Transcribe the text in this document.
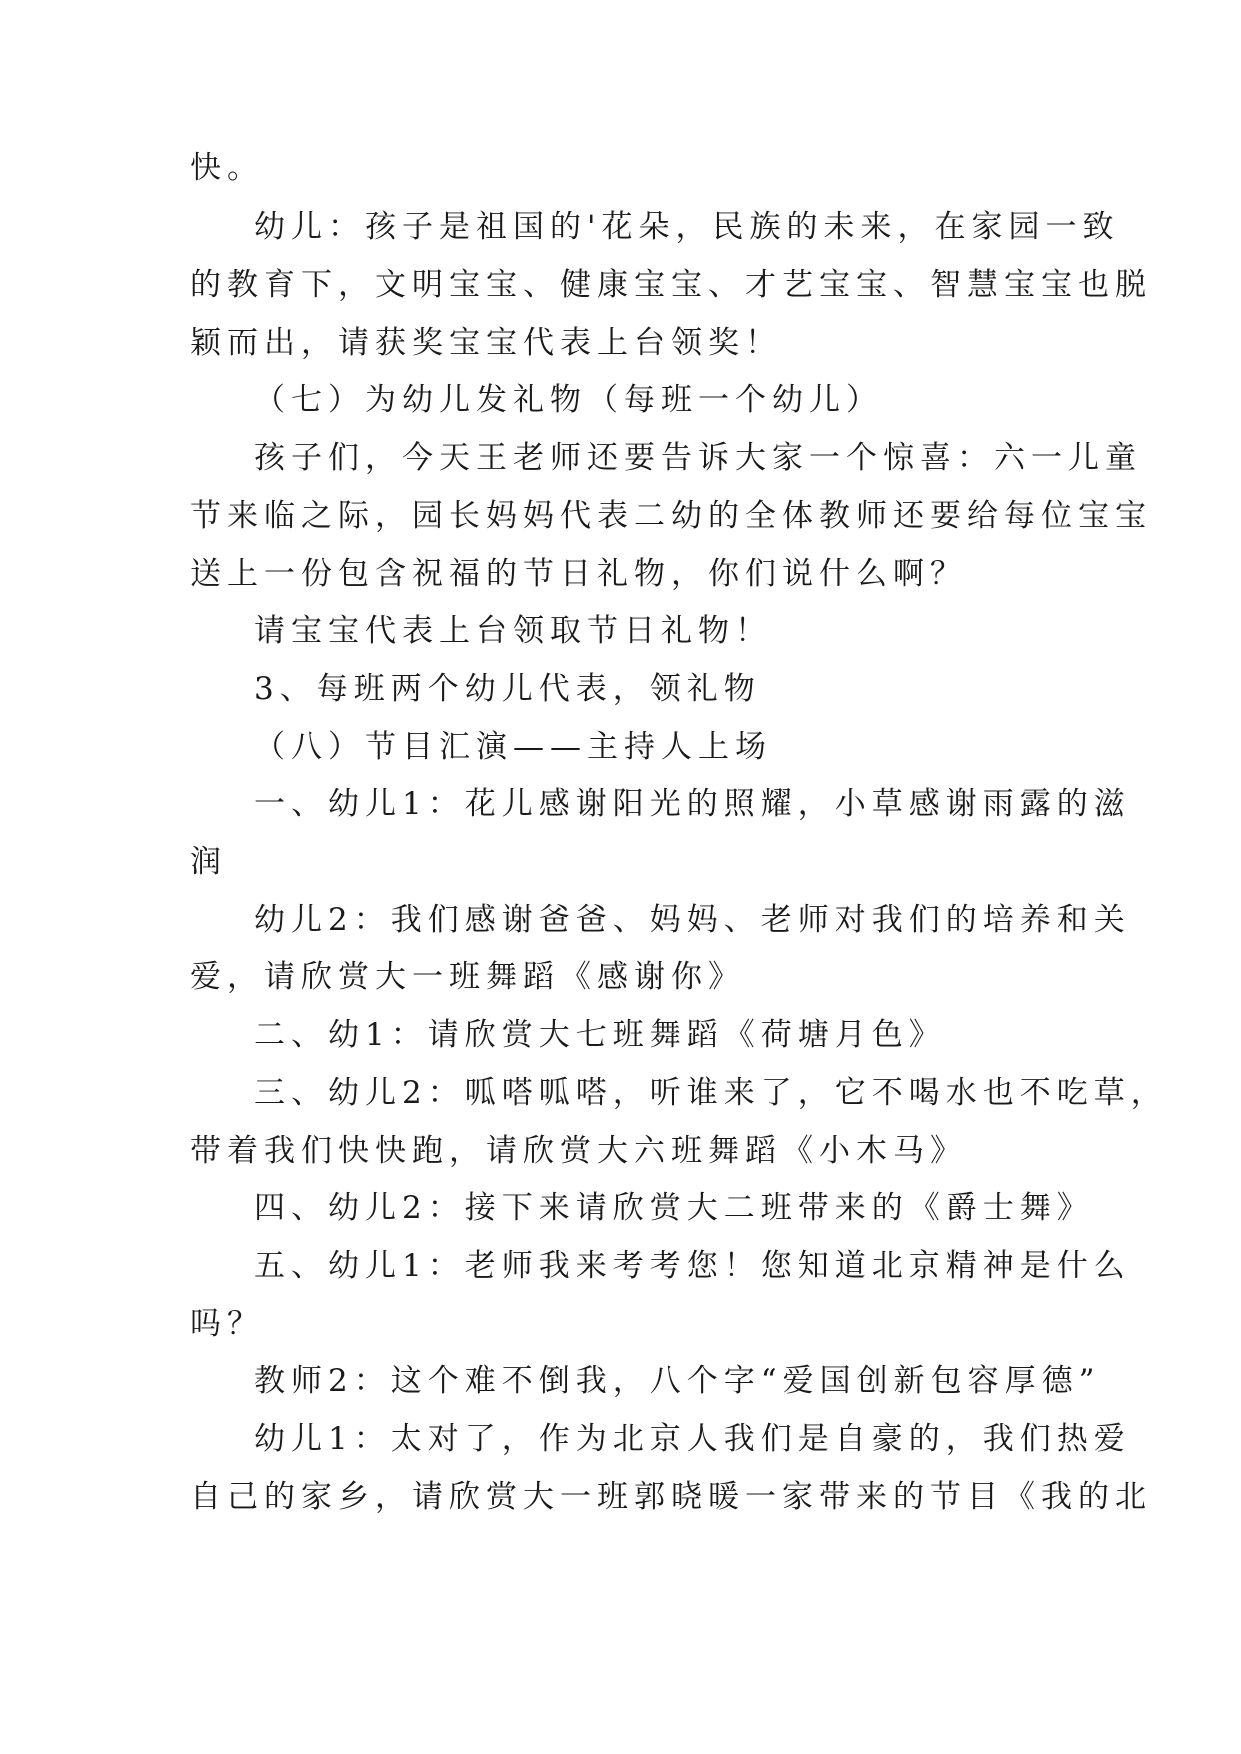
快。
幼儿：孩子是祖国的'花朵，民族的未来，在家园一致
的教育下，文明宝宝、健康宝宝、才艺宝宝、智慧宝宝也脱
颖而出，请获奖宝宝代表上台领奖！
（七）为幼儿发礼物（每班一个幼儿）
孩子们，今天王老师还要告诉大家一个惊喜：六一儿童
节来临之际，园长妈妈代表二幼的全体教师还要给每位宝宝
送上一份包含祝福的节日礼物，你们说什么啊？
请宝宝代表上台领取节日礼物！
3、每班两个幼儿代表，领礼物
（八）节目汇演——主持人上场
一、幼儿1：花儿感谢阳光的照耀，小草感谢雨露的滋
润
幼儿2：我们感谢爸爸、妈妈、老师对我们的培养和关
爱，请欣赏大一班舞蹈《感谢你》
二、幼1：请欣赏大七班舞蹈《荷塘月色》
三、幼儿2：呱嗒呱嗒，听谁来了，它不喝水也不吃草，
带着我们快快跑，请欣赏大六班舞蹈《小木马》
四、幼儿2：接下来请欣赏大二班带来的《爵士舞》
五、幼儿1：老师我来考考您！您知道北京精神是什么
吗？
教师2：这个难不倒我，八个字“爱国创新包容厚德”
幼儿1：太对了，作为北京人我们是自豪的，我们热爱
自己的家乡，请欣赏大一班郭晓暖一家带来的节目《我的北
